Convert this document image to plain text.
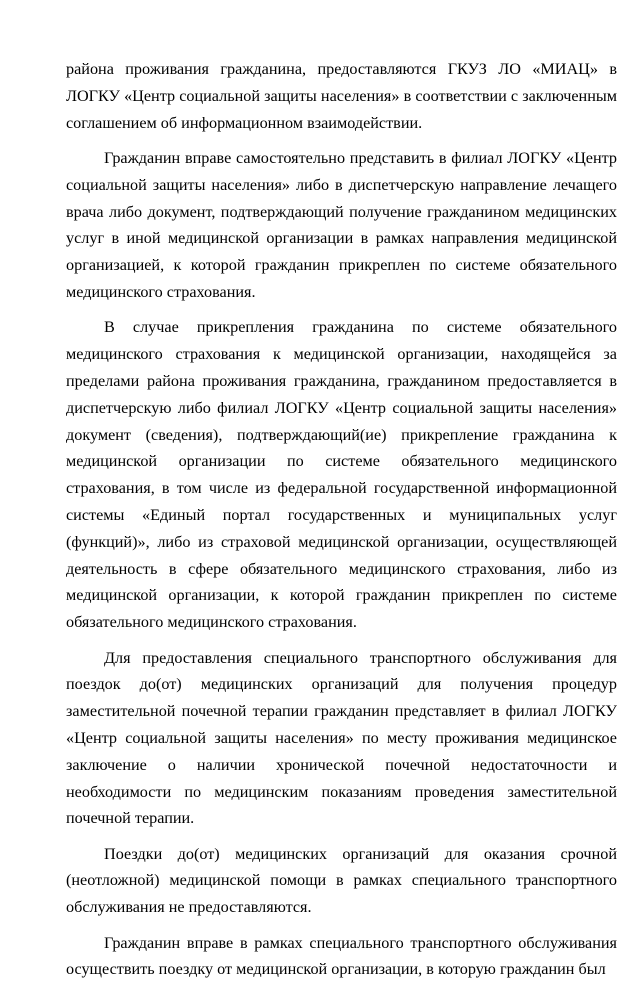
района проживания гражданина, предоставляются ГКУЗ ЛО «МИАЦ» в ЛОГКУ «Центр социальной защиты населения» в соответствии с заключенным соглашением об информационном взаимодействии.

Гражданин вправе самостоятельно представить в филиал ЛОГКУ «Центр социальной защиты населения» либо в диспетчерскую направление лечащего врача либо документ, подтверждающий получение гражданином медицинских услуг в иной медицинской организации в рамках направления медицинской организацией, к которой гражданин прикреплен по системе обязательного медицинского страхования.

В случае прикрепления гражданина по системе обязательного медицинского страхования к медицинской организации, находящейся за пределами района проживания гражданина, гражданином предоставляется в диспетчерскую либо филиал ЛОГКУ «Центр социальной защиты населения» документ (сведения), подтверждающий(ие) прикрепление гражданина к медицинской организации по системе обязательного медицинского страхования, в том числе из федеральной государственной информационной системы «Единый портал государственных и муниципальных услуг (функций)», либо из страховой медицинской организации, осуществляющей деятельность в сфере обязательного медицинского страхования, либо из медицинской организации, к которой гражданин прикреплен по системе обязательного медицинского страхования.

Для предоставления специального транспортного обслуживания для поездок до(от) медицинских организаций для получения процедур заместительной почечной терапии гражданин представляет в филиал ЛОГКУ «Центр социальной защиты населения» по месту проживания медицинское заключение о наличии хронической почечной недостаточности и необходимости по медицинским показаниям проведения заместительной почечной терапии.

Поездки до(от) медицинских организаций для оказания срочной (неотложной) медицинской помощи в рамках специального транспортного обслуживания не предоставляются.

Гражданин вправе в рамках специального транспортного обслуживания осуществить поездку от медицинской организации, в которую гражданин был
